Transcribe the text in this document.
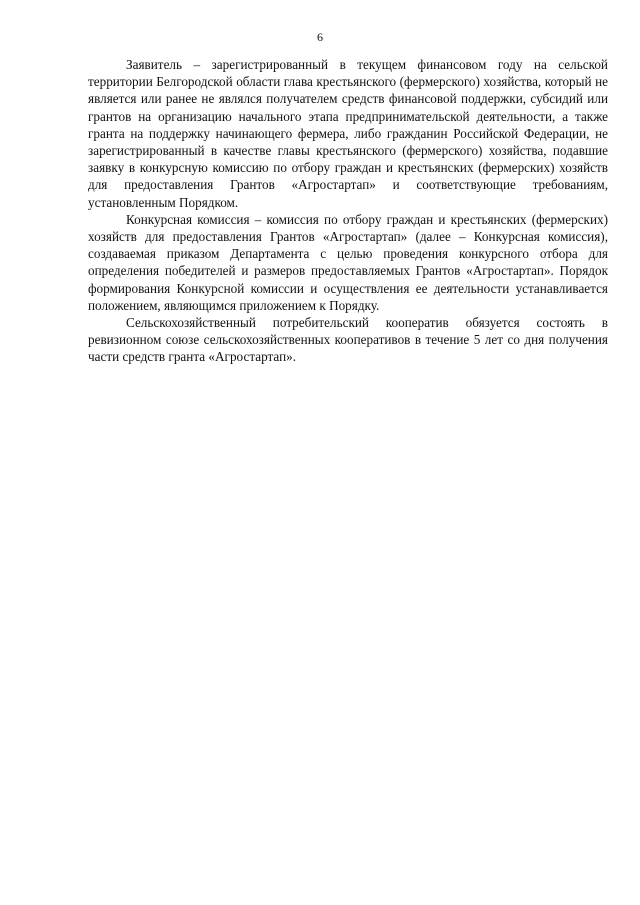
6

Заявитель – зарегистрированный в текущем финансовом году на сельской территории Белгородской области глава крестьянского (фермерского) хозяйства, который не является или ранее не являлся получателем средств финансовой поддержки, субсидий или грантов на организацию начального этапа предпринимательской деятельности, а также гранта на поддержку начинающего фермера, либо гражданин Российской Федерации, не зарегистрированный в качестве главы крестьянского (фермерского) хозяйства, подавшие заявку в конкурсную комиссию по отбору граждан и крестьянских (фермерских) хозяйств для предоставления Грантов «Агростартап» и соответствующие требованиям, установленным Порядком.

Конкурсная комиссия – комиссия по отбору граждан и крестьянских (фермерских) хозяйств для предоставления Грантов «Агростартап» (далее – Конкурсная комиссия), создаваемая приказом Департамента с целью проведения конкурсного отбора для определения победителей и размеров предоставляемых Грантов «Агростартап». Порядок формирования Конкурсной комиссии и осуществления ее деятельности устанавливается положением, являющимся приложением к Порядку.

Сельскохозяйственный потребительский кооператив обязуется состоять в ревизионном союзе сельскохозяйственных кооперативов в течение 5 лет со дня получения части средств гранта «Агростартап».
